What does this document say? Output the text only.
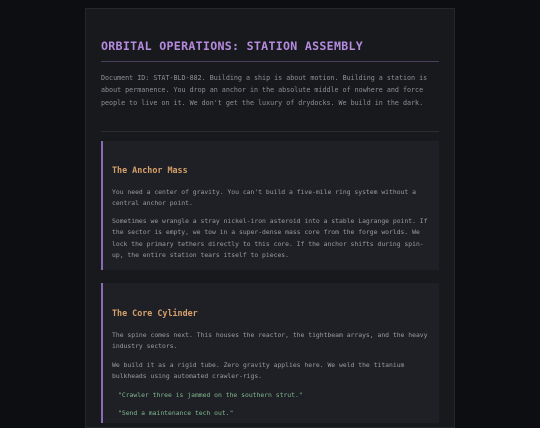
ORBITAL OPERATIONS: STATION ASSEMBLY

Document ID: STAT-BLD-882. Building a ship is about motion. Building a station is about permanence. You drop an anchor in the absolute middle of nowhere and force people to live on it. We don't get the luxury of drydocks. We build in the dark.

The Anchor Mass

You need a center of gravity. You can't build a five-mile ring system without a central anchor point.

Sometimes we wrangle a stray nickel-iron asteroid into a stable Lagrange point. If the sector is empty, we tow in a super-dense mass core from the forge worlds. We lock the primary tethers directly to this core. If the anchor shifts during spin-up, the entire station tears itself to pieces.

The Core Cylinder

The spine comes next. This houses the reactor, the tightbeam arrays, and the heavy industry sectors.

We build it as a rigid tube. Zero gravity applies here. We weld the titanium bulkheads using automated crawler-rigs.

"Crawler three is jammed on the southern strut."

"Send a maintenance tech out."
